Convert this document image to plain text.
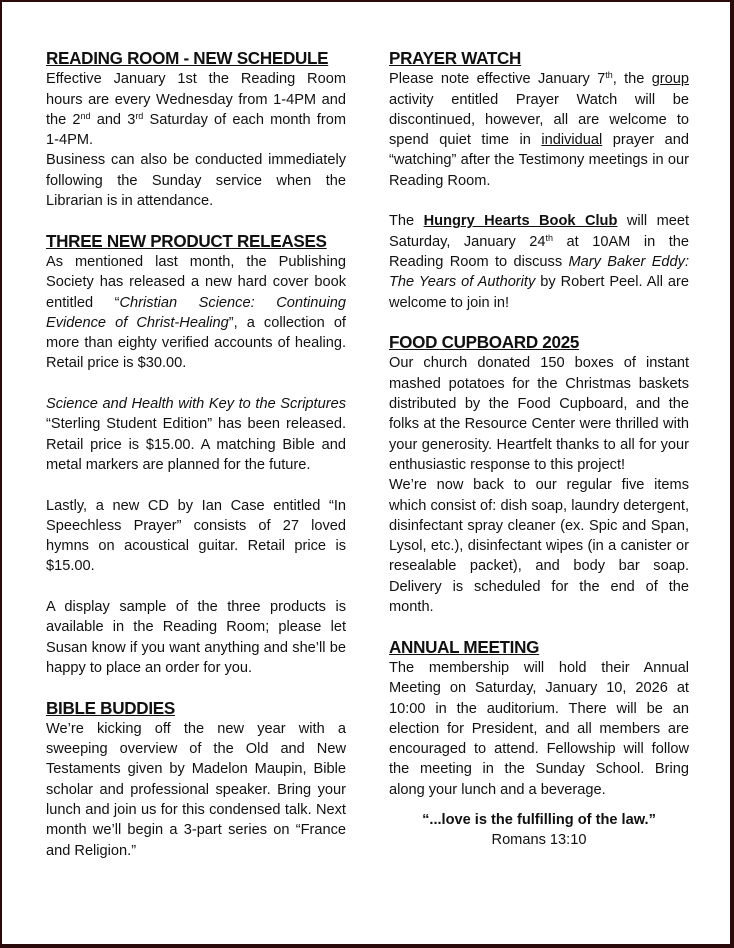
READING ROOM - NEW SCHEDULE

Effective January 1st the Reading Room hours are every Wednesday from 1-4PM and the 2nd and 3rd Saturday of each month from 1-4PM.

Business can also be conducted immediately following the Sunday service when the Librarian is in attendance.

THREE NEW PRODUCT RELEASES

As mentioned last month, the Publishing Society has released a new hard cover book entitled “Christian Science: Continuing Evidence of Christ-Healing”, a collection of more than eighty verified accounts of healing. Retail price is $30.00.

Science and Health with Key to the Scriptures “Sterling Student Edition” has been released. Retail price is $15.00. A matching Bible and metal markers are planned for the future.

Lastly, a new CD by Ian Case entitled “In Speechless Prayer” consists of 27 loved hymns on acoustical guitar. Retail price is $15.00.

A display sample of the three products is available in the Reading Room; please let Susan know if you want anything and she’ll be happy to place an order for you.

BIBLE BUDDIES

We’re kicking off the new year with a sweeping overview of the Old and New Testaments given by Madelon Maupin, Bible scholar and professional speaker. Bring your lunch and join us for this condensed talk. Next month we’ll begin a 3-part series on “France and Religion.”

PRAYER WATCH

Please note effective January 7th, the group activity entitled Prayer Watch will be discontinued, however, all are welcome to spend quiet time in individual prayer and “watching” after the Testimony meetings in our Reading Room.

The Hungry Hearts Book Club will meet Saturday, January 24th at 10AM in the Reading Room to discuss Mary Baker Eddy: The Years of Authority by Robert Peel. All are welcome to join in!

FOOD CUPBOARD 2025

Our church donated 150 boxes of instant mashed potatoes for the Christmas baskets distributed by the Food Cupboard, and the folks at the Resource Center were thrilled with your generosity. Heartfelt thanks to all for your enthusiastic response to this project!

We’re now back to our regular five items which consist of: dish soap, laundry detergent, disinfectant spray cleaner (ex. Spic and Span, Lysol, etc.), disinfectant wipes (in a canister or resealable packet), and body bar soap. Delivery is scheduled for the end of the month.

ANNUAL MEETING

The membership will hold their Annual Meeting on Saturday, January 10, 2026 at 10:00 in the auditorium. There will be an election for President, and all members are encouraged to attend. Fellowship will follow the meeting in the Sunday School. Bring along your lunch and a beverage.

“...love is the fulfilling of the law.”
Romans 13:10
